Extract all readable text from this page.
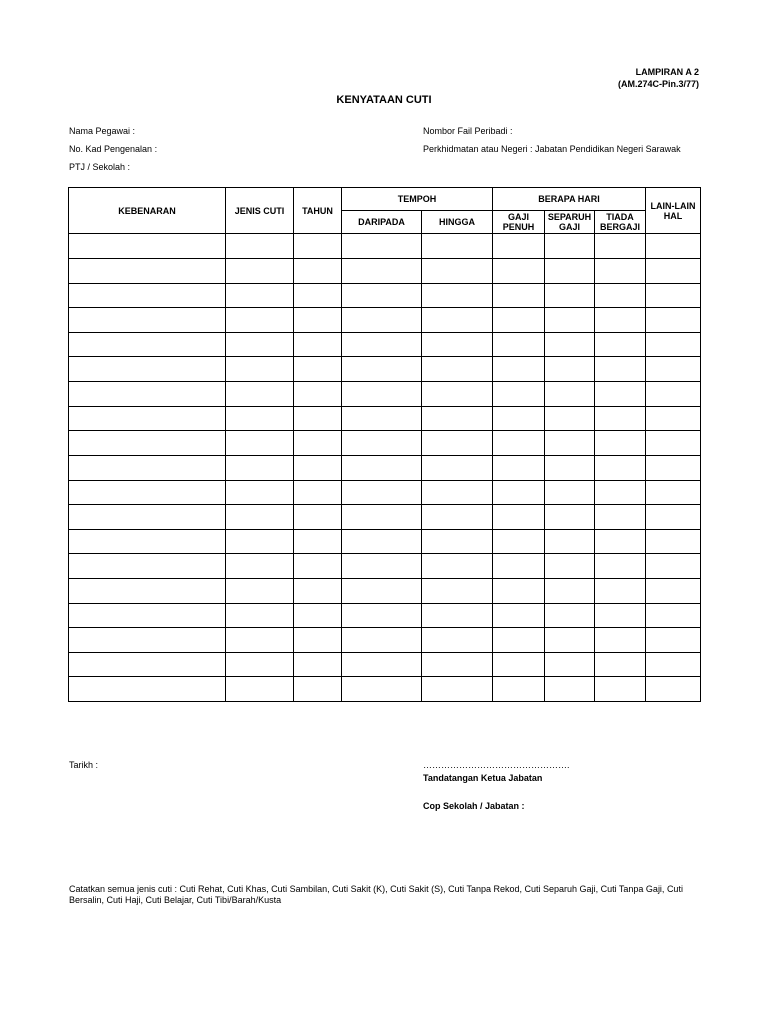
LAMPIRAN A 2
(AM.274C-Pin.3/77)
KENYATAAN CUTI
Nama Pegawai :	Nombor Fail Peribadi :
No. Kad Pengenalan :	Perkhidmatan atau Negeri : Jabatan Pendidikan Negeri Sarawak
PTJ / Sekolah :
KEBENARAN	JENIS CUTI	TAHUN	TEMPOH		BERAPA HARI			LAIN-LAIN HAL
			DARIPADA	HINGGA	GAJI PENUH	SEPARUH GAJI	TIADA BERGAJI	

Tarikh :	………………………………………….
Tandatangan Ketua Jabatan
Cop Sekolah / Jabatan :
Catatkan semua jenis cuti : Cuti Rehat, Cuti Khas, Cuti Sambilan, Cuti Sakit (K), Cuti Sakit (S), Cuti Tanpa Rekod, Cuti Separuh Gaji, Cuti Tanpa Gaji, Cuti Bersalin, Cuti Haji, Cuti Belajar, Cuti Tibi/Barah/Kusta
